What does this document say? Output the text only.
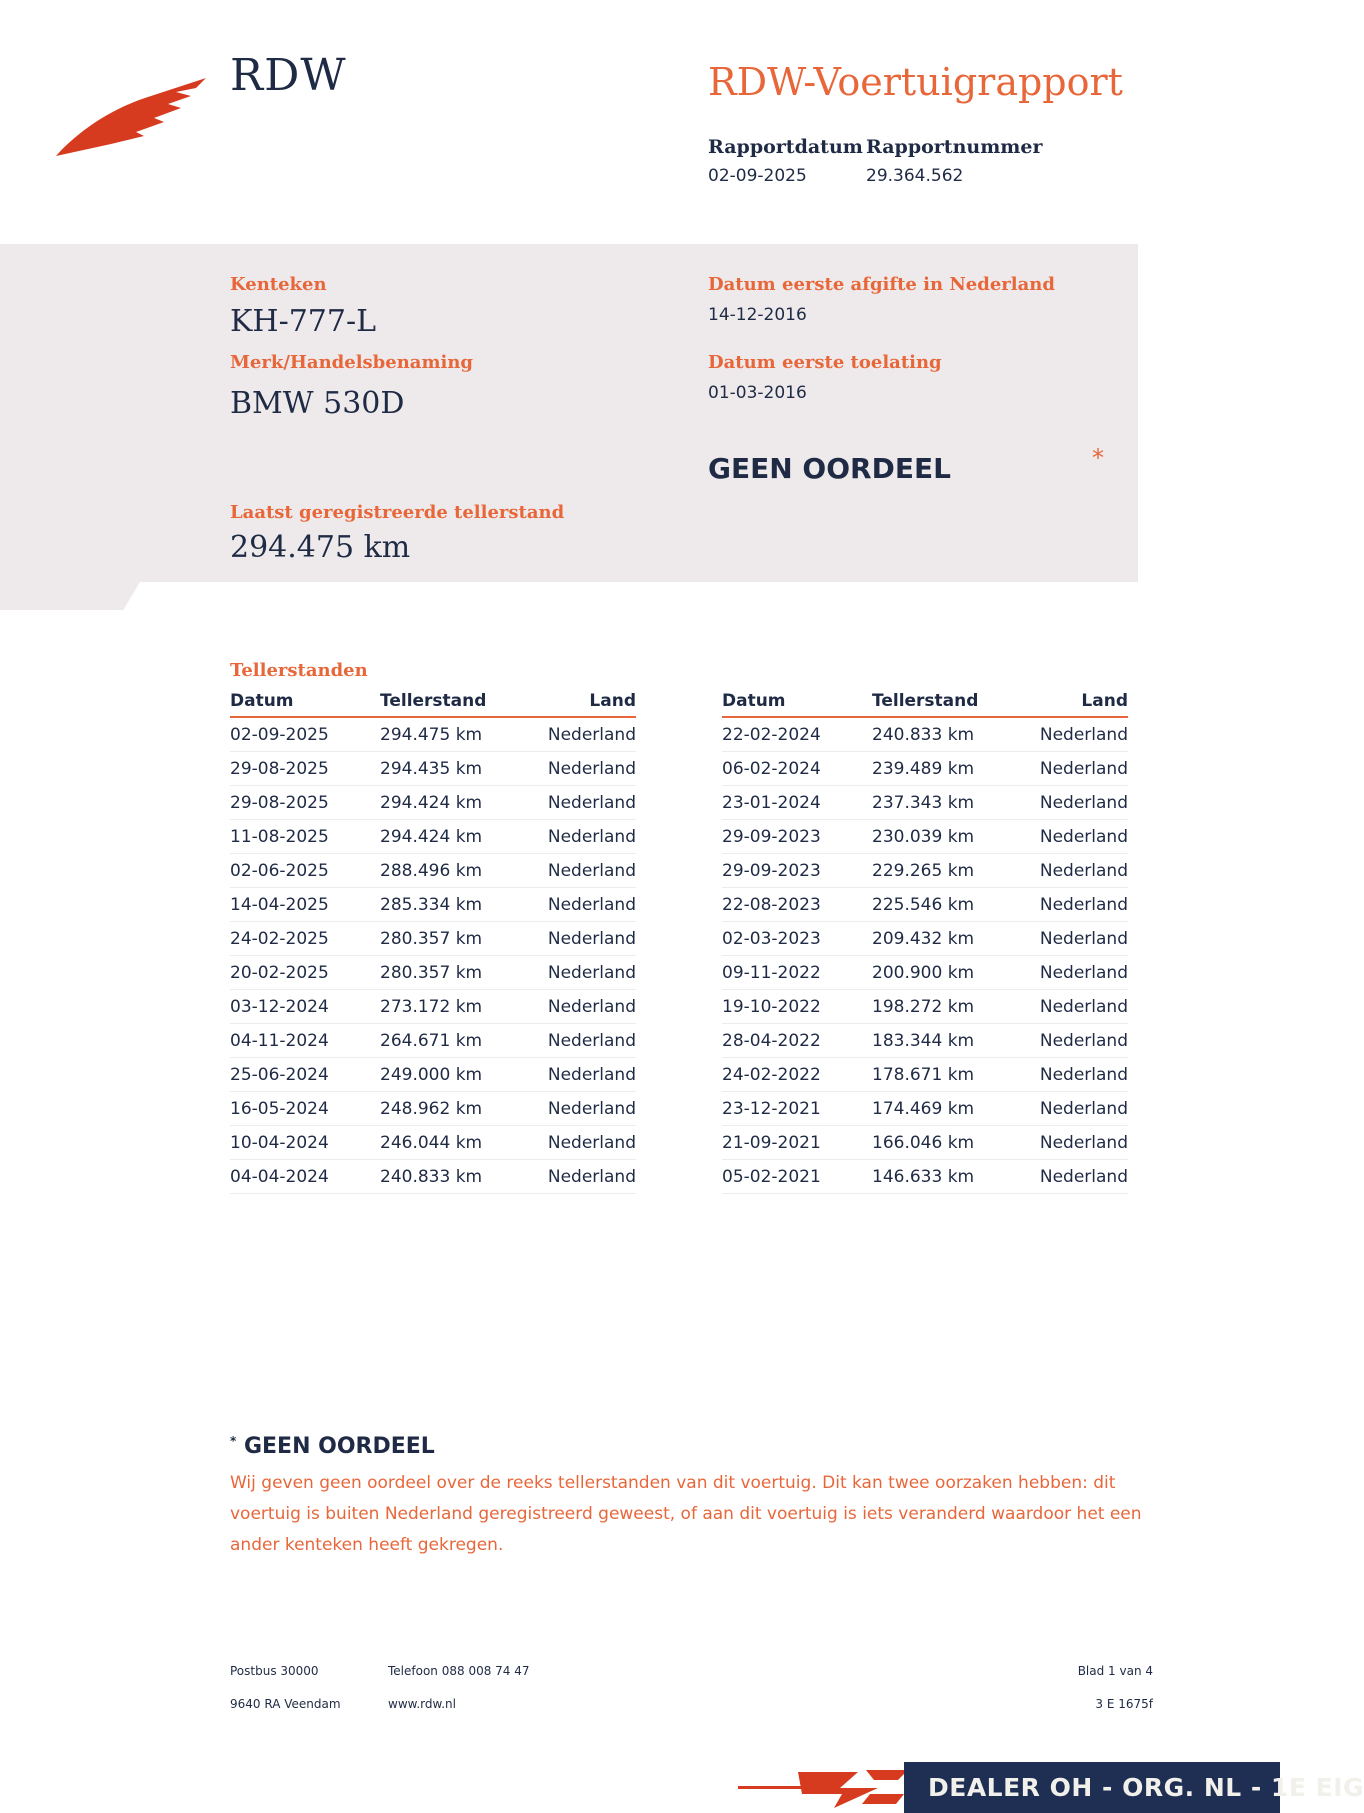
RDW	RDW-Voertuigrapport
Rapportdatum
02-09-2025
Rapportnummer
29.364.562
Kenteken
KH-777-L
Merk/Handelsbenaming
BMW 530D
Datum eerste afgifte in Nederland
14-12-2016
Datum eerste toelating
01-03-2016
GEEN OORDEEL	*
Laatst geregistreerde tellerstand
294.475 km
Tellerstanden
Datum	Tellerstand	Land
02-09-2025	294.475 km	Nederland
29-08-2025	294.435 km	Nederland
29-08-2025	294.424 km	Nederland
11-08-2025	294.424 km	Nederland
02-06-2025	288.496 km	Nederland
14-04-2025	285.334 km	Nederland
24-02-2025	280.357 km	Nederland
20-02-2025	280.357 km	Nederland
03-12-2024	273.172 km	Nederland
04-11-2024	264.671 km	Nederland
25-06-2024	249.000 km	Nederland
16-05-2024	248.962 km	Nederland
10-04-2024	246.044 km	Nederland
04-04-2024	240.833 km	Nederland
Datum	Tellerstand	Land
22-02-2024	240.833 km	Nederland
06-02-2024	239.489 km	Nederland
23-01-2024	237.343 km	Nederland
29-09-2023	230.039 km	Nederland
29-09-2023	229.265 km	Nederland
22-08-2023	225.546 km	Nederland
02-03-2023	209.432 km	Nederland
09-11-2022	200.900 km	Nederland
19-10-2022	198.272 km	Nederland
28-04-2022	183.344 km	Nederland
24-02-2022	178.671 km	Nederland
23-12-2021	174.469 km	Nederland
21-09-2021	166.046 km	Nederland
05-02-2021	146.633 km	Nederland
* GEEN OORDEEL
Wij geven geen oordeel over de reeks tellerstanden van dit voertuig. Dit kan twee oorzaken hebben: dit voertuig is buiten Nederland geregistreerd geweest, of aan dit voertuig is iets veranderd waardoor het een ander kenteken heeft gekregen.
Postbus 30000
9640 RA Veendam
Telefoon 088 008 74 47
www.rdw.nl
Blad 1 van 4
3 E 1675f
DEALER OH - ORG. NL - 1E EIG
